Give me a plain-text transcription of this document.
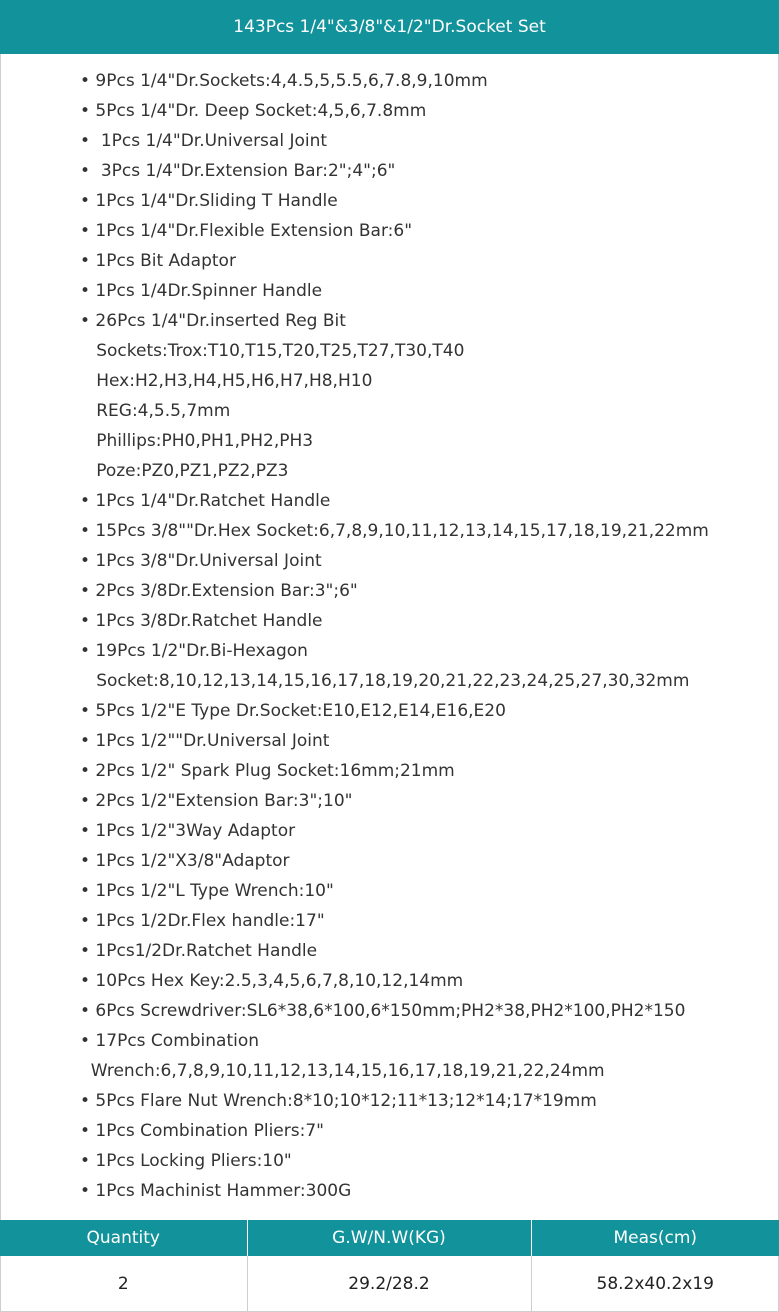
143Pcs 1/4"&3/8"&1/2"Dr.Socket Set
• 9Pcs 1/4"Dr.Sockets:4,4.5,5,5.5,6,7.8,9,10mm
• 5Pcs 1/4"Dr. Deep Socket:4,5,6,7.8mm
•  1Pcs 1/4"Dr.Universal Joint
•  3Pcs 1/4"Dr.Extension Bar:2";4";6"
• 1Pcs 1/4"Dr.Sliding T Handle
• 1Pcs 1/4"Dr.Flexible Extension Bar:6"
• 1Pcs Bit Adaptor
• 1Pcs 1/4Dr.Spinner Handle
• 26Pcs 1/4"Dr.inserted Reg Bit
Sockets:Trox:T10,T15,T20,T25,T27,T30,T40
Hex:H2,H3,H4,H5,H6,H7,H8,H10
REG:4,5.5,7mm
Phillips:PH0,PH1,PH2,PH3
Poze:PZ0,PZ1,PZ2,PZ3
• 1Pcs 1/4"Dr.Ratchet Handle
• 15Pcs 3/8""Dr.Hex Socket:6,7,8,9,10,11,12,13,14,15,17,18,19,21,22mm
• 1Pcs 3/8"Dr.Universal Joint
• 2Pcs 3/8Dr.Extension Bar:3";6"
• 1Pcs 3/8Dr.Ratchet Handle
• 19Pcs 1/2"Dr.Bi-Hexagon
Socket:8,10,12,13,14,15,16,17,18,19,20,21,22,23,24,25,27,30,32mm
• 5Pcs 1/2"E Type Dr.Socket:E10,E12,E14,E16,E20
• 1Pcs 1/2""Dr.Universal Joint
• 2Pcs 1/2" Spark Plug Socket:16mm;21mm
• 2Pcs 1/2"Extension Bar:3";10"
• 1Pcs 1/2"3Way Adaptor
• 1Pcs 1/2"X3/8"Adaptor
• 1Pcs 1/2"L Type Wrench:10"
• 1Pcs 1/2Dr.Flex handle:17"
• 1Pcs1/2Dr.Ratchet Handle
• 10Pcs Hex Key:2.5,3,4,5,6,7,8,10,12,14mm
• 6Pcs Screwdriver:SL6*38,6*100,6*150mm;PH2*38,PH2*100,PH2*150
• 17Pcs Combination
Wrench:6,7,8,9,10,11,12,13,14,15,16,17,18,19,21,22,24mm
• 5Pcs Flare Nut Wrench:8*10;10*12;11*13;12*14;17*19mm
• 1Pcs Combination Pliers:7"
• 1Pcs Locking Pliers:10"
• 1Pcs Machinist Hammer:300G
Quantity	G.W/N.W(KG)	Meas(cm)
2	29.2/28.2	58.2x40.2x19
